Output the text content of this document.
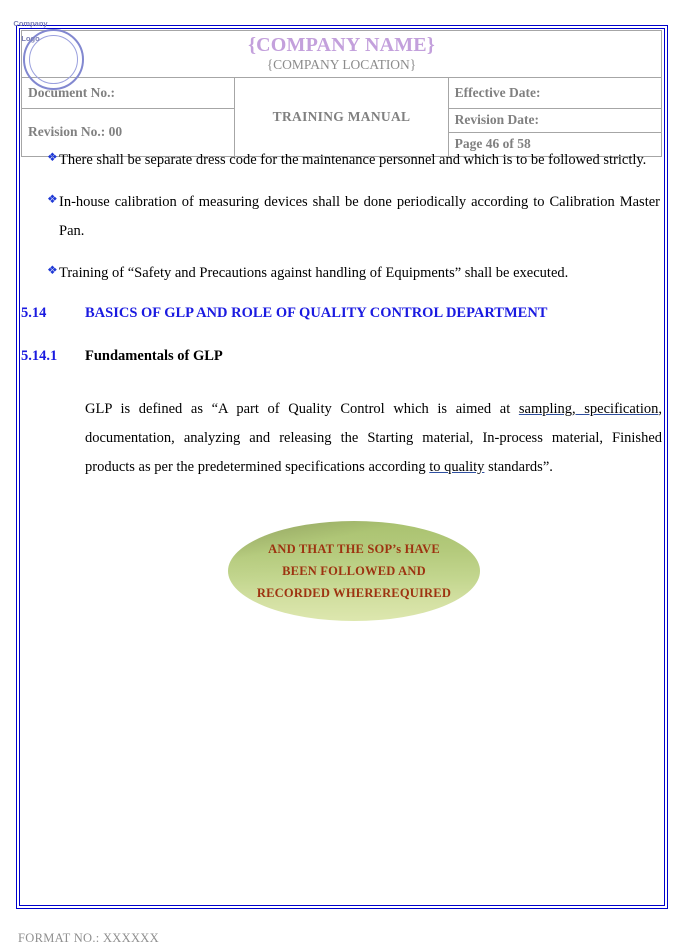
{COMPANY NAME}
{COMPANY LOCATION}		

Document No.:	TRAINING MANUAL	Effective Date:
Revision No.: 00		Revision Date:
		Page 46 of 58
Company
Logo
❖ There shall be separate dress code for the maintenance personnel and which is to be followed strictly.
❖ In-house calibration of measuring devices shall be done periodically according to Calibration Master Pan.
❖ Training of “Safety and Precautions against handling of Equipments” shall be executed.
5.14	BASICS OF GLP AND ROLE OF QUALITY CONTROL DEPARTMENT
5.14.1	Fundamentals of GLP

GLP is defined as “A part of Quality Control which is aimed at sampling, specification, documentation, analyzing and releasing the Starting material, In-process material, Finished products as per the predetermined specifications according to quality standards”.

AND THAT THE SOP’s HAVE
BEEN FOLLOWED AND
RECORDED WHEREREQUIRED
FORMAT NO.: XXXXXX
